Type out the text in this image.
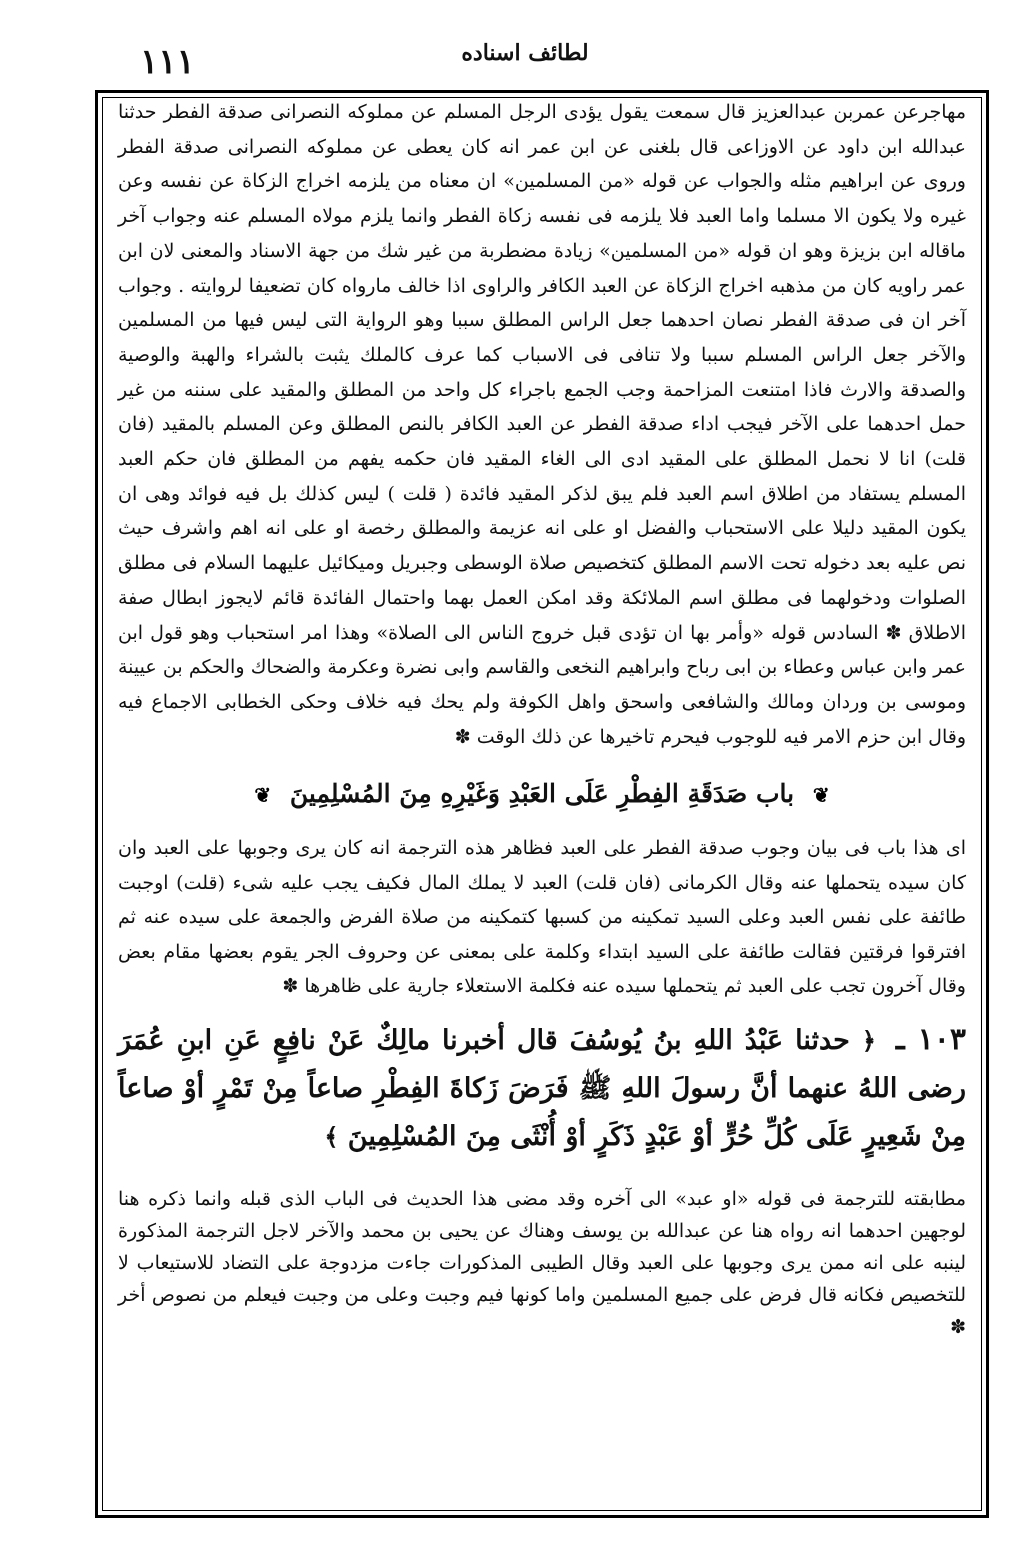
١١١	لطائف اسناده

مهاجرعن عمربن عبدالعزيز قال سمعت يقول يؤدى الرجل المسلم عن مملوكه النصرانى صدقة الفطر حدثنا عبدالله ابن داود عن الاوزاعى قال بلغنى عن ابن عمر انه كان يعطى عن مملوكه النصرانى صدقة الفطر وروى عن ابراهيم مثله والجواب عن قوله «من المسلمين» ان معناه من يلزمه اخراج الزكاة عن نفسه وعن غيره ولا يكون الا مسلما واما العبد فلا يلزمه فى نفسه زكاة الفطر وانما يلزم مولاه المسلم عنه وجواب آخر ماقاله ابن بزيزة وهو ان قوله «من المسلمين» زيادة مضطربة من غير شك من جهة الاسناد والمعنى لان ابن عمر راويه كان من مذهبه اخراج الزكاة عن العبد الكافر والراوى اذا خالف مارواه كان تضعيفا لروايته . وجواب آخر ان فى صدقة الفطر نصان احدهما جعل الراس المطلق سببا وهو الرواية التى ليس فيها من المسلمين والآخر جعل الراس المسلم سببا ولا تنافى فى الاسباب كما عرف كالملك يثبت بالشراء والهبة والوصية والصدقة والارث فاذا امتنعت المزاحمة وجب الجمع باجراء كل واحد من المطلق والمقيد على سننه من غير حمل احدهما على الآخر فيجب اداء صدقة الفطر عن العبد الكافر بالنص المطلق وعن المسلم بالمقيد (فان قلت) انا لا نحمل المطلق على المقيد ادى الى الغاء المقيد فان حكمه يفهم من المطلق فان حكم العبد المسلم يستفاد من اطلاق اسم العبد فلم يبق لذكر المقيد فائدة ( قلت ) ليس كذلك بل فيه فوائد وهى ان يكون المقيد دليلا على الاستحباب والفضل او على انه عزيمة والمطلق رخصة او على انه اهم واشرف حيث نص عليه بعد دخوله تحت الاسم المطلق كتخصيص صلاة الوسطى وجبريل وميكائيل عليهما السلام فى مطلق الصلوات ودخولهما فى مطلق اسم الملائكة وقد امكن العمل بهما واحتمال الفائدة قائم لايجوز ابطال صفة الاطلاق ✽ السادس قوله «وأمر بها ان تؤدى قبل خروج الناس الى الصلاة» وهذا امر استحباب وهو قول ابن عمر وابن عباس وعطاء بن ابى رباح وابراهيم النخعى والقاسم وابى نضرة وعكرمة والضحاك والحكم بن عيينة وموسى بن وردان ومالك والشافعى واسحق واهل الكوفة ولم يحك فيه خلاف وحكى الخطابى الاجماع فيه وقال ابن حزم الامر فيه للوجوب فيحرم تاخيرها عن ذلك الوقت ✽

❦ باب صَدَقَةِ الفِطْرِ عَلَى العَبْدِ وَغَيْرِهِ مِنَ المُسْلِمِينَ ❦

اى هذا باب فى بيان وجوب صدقة الفطر على العبد فظاهر هذه الترجمة انه كان يرى وجوبها على العبد وان كان سيده يتحملها عنه وقال الكرمانى (فان قلت) العبد لا يملك المال فكيف يجب عليه شىء (قلت) اوجبت طائفة على نفس العبد وعلى السيد تمكينه من كسبها كتمكينه من صلاة الفرض والجمعة على سيده عنه ثم افترقوا فرقتين فقالت طائفة على السيد ابتداء وكلمة على بمعنى عن وحروف الجر يقوم بعضها مقام بعض وقال آخرون تجب على العبد ثم يتحملها سيده عنه فكلمة الاستعلاء جارية على ظاهرها ✽

١٠٣ ـ ﴿ حدثنا عَبْدُ اللهِ بنُ يُوسُفَ قال أخبرنا مالِكٌ عَنْ نافِعٍ عَنِ ابنِ عُمَرَ رضى اللهُ عنهما أنَّ رسولَ اللهِ ﷺ فَرَضَ زَكاةَ الفِطْرِ صاعاً مِنْ تَمْرٍ أوْ صاعاً مِنْ شَعِيرٍ عَلَى كُلِّ حُرٍّ أوْ عَبْدٍ ذَكَرٍ أوْ أُنْثَى مِنَ المُسْلِمِينَ ﴾

مطابقته للترجمة فى قوله «او عبد» الى آخره وقد مضى هذا الحديث فى الباب الذى قبله وانما ذكره هنا لوجهين احدهما انه رواه هنا عن عبدالله بن يوسف وهناك عن يحيى بن محمد والآخر لاجل الترجمة المذكورة لينبه على انه ممن يرى وجوبها على العبد وقال الطيبى المذكورات جاءت مزدوجة على التضاد للاستيعاب لا للتخصيص فكانه قال فرض على جميع المسلمين واما كونها فيم وجبت وعلى من وجبت فيعلم من نصوص أخر ✽
